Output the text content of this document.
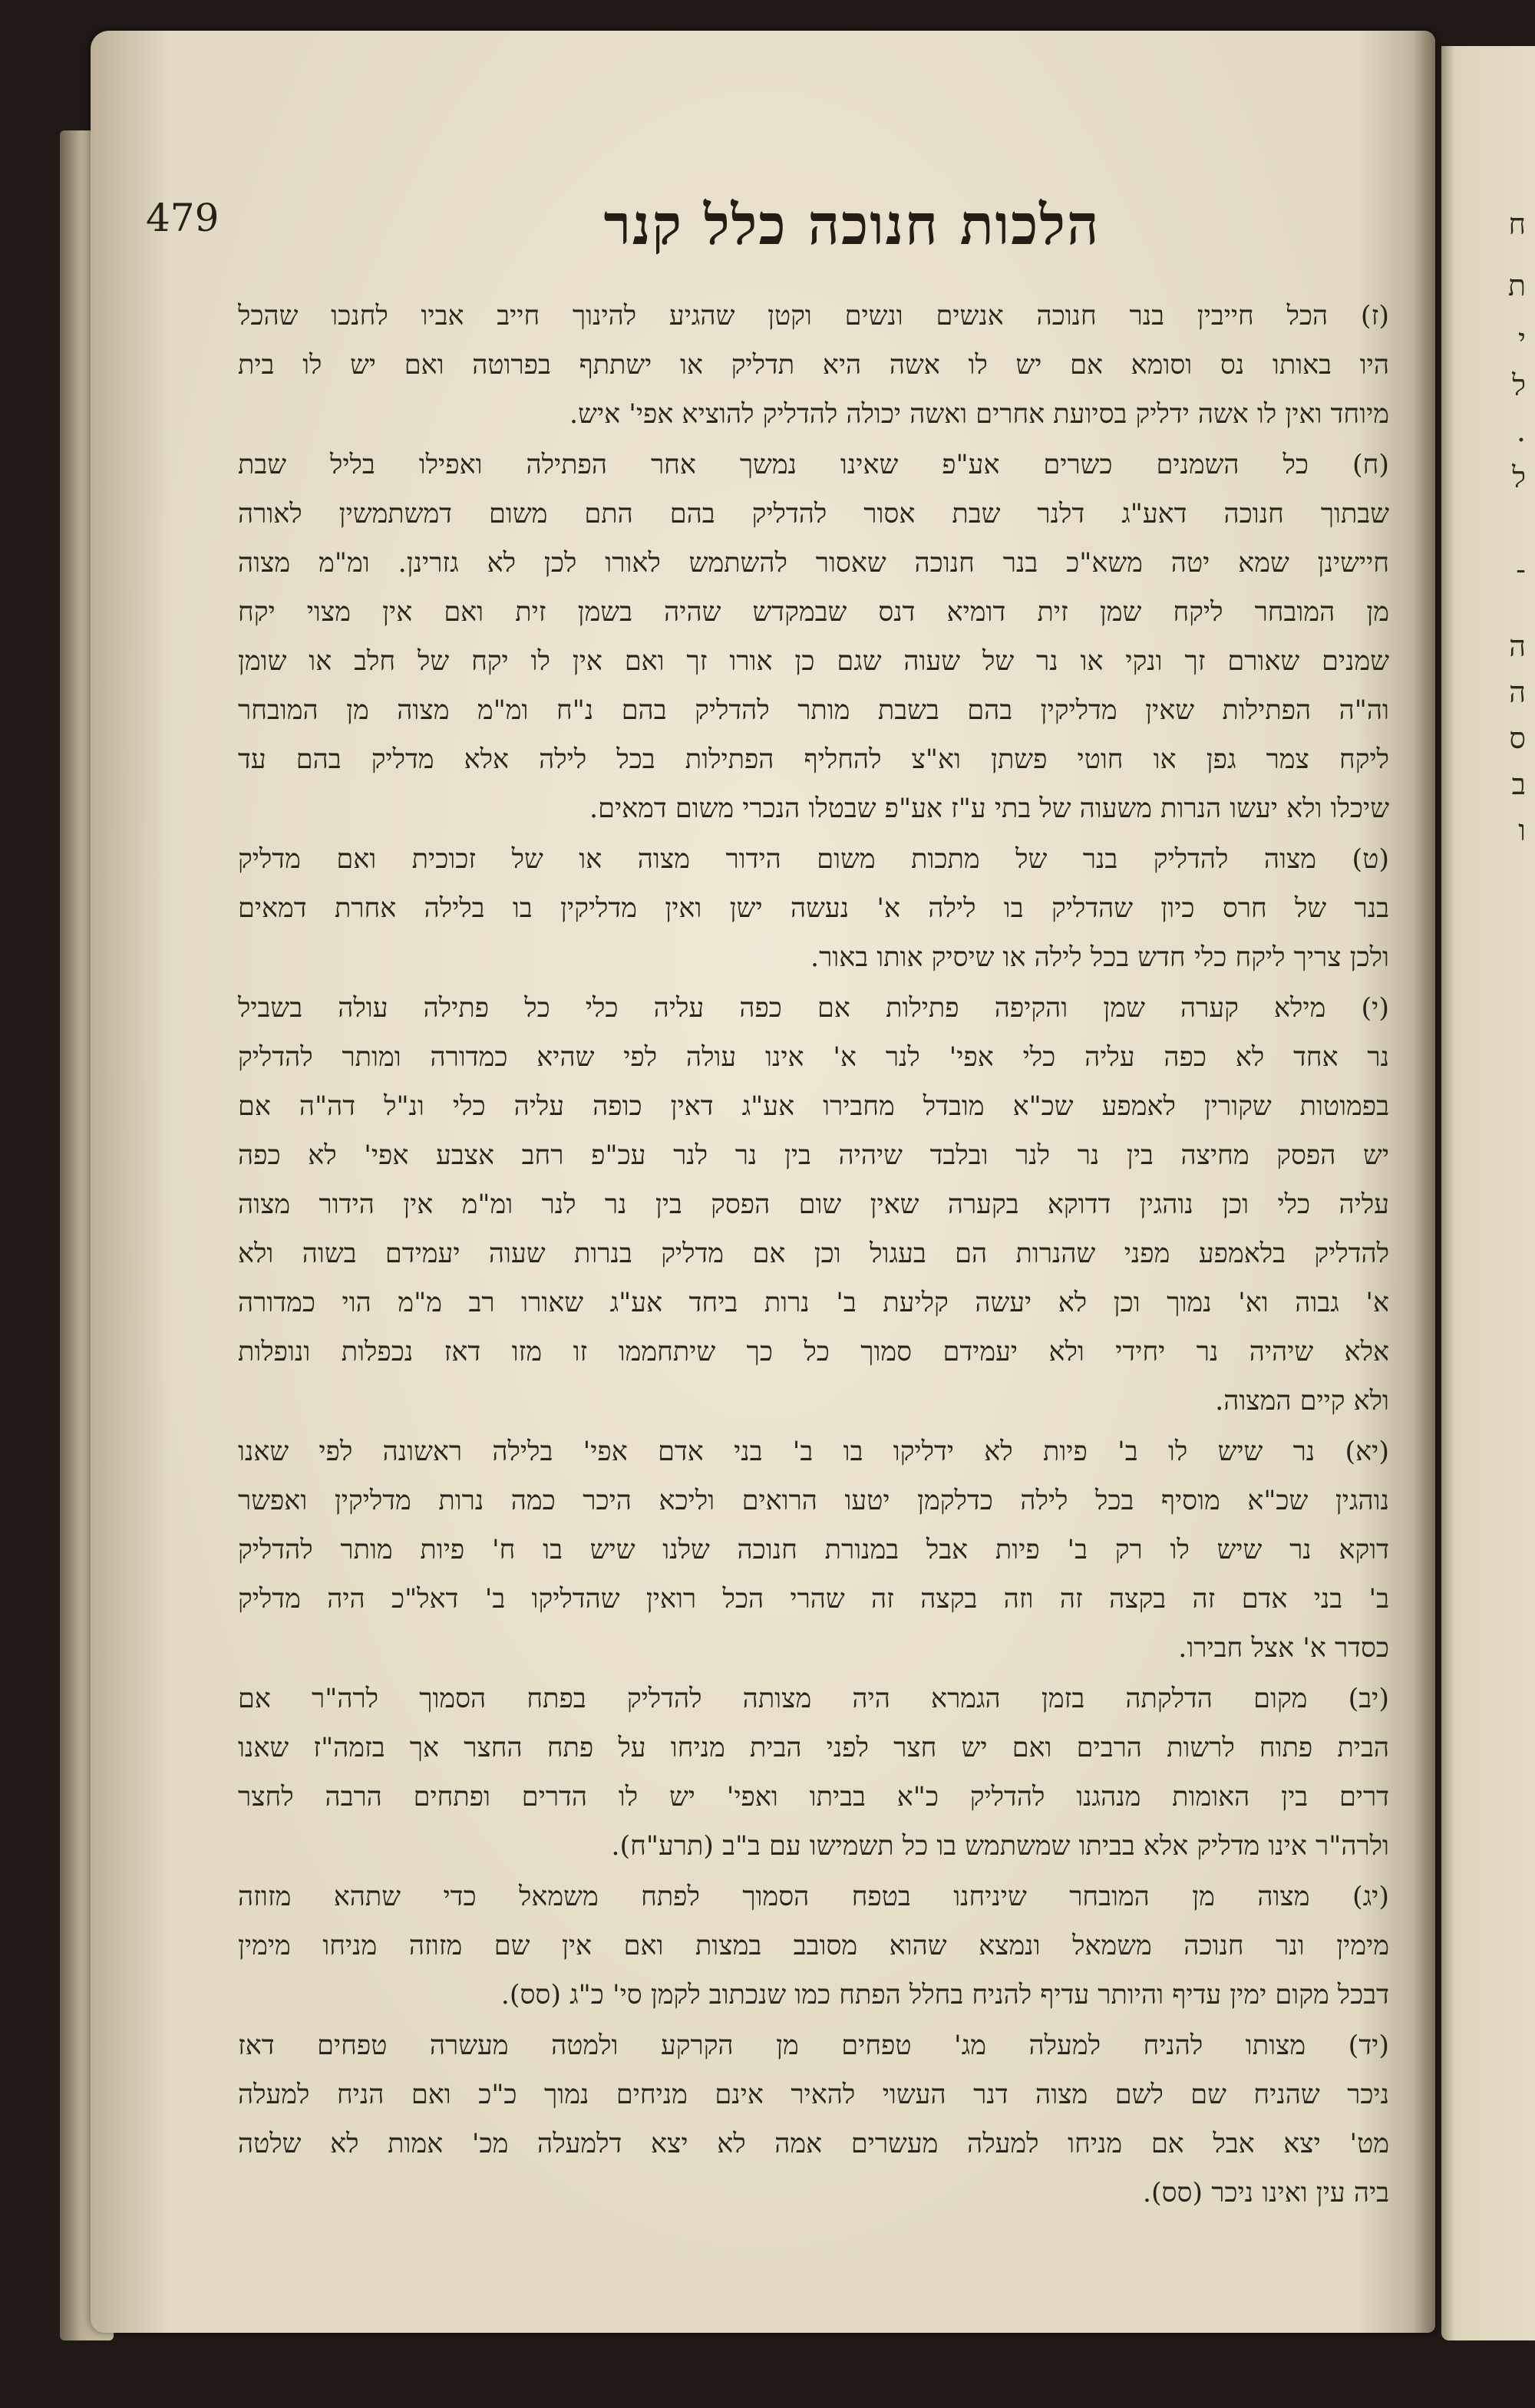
ח
ת
י
ל
.
ל
-
ה
ה
ס
ב
ו
479	הלכות חנוכה כלל קנר
(ז) הכל חייבין בנר חנוכה אנשים ונשים וקטן שהגיע להינוך חייב אביו לחנכו שהכל
היו באותו נס וסומא אם יש לו אשה היא תדליק או ישתתף בפרוטה ואם יש לו בית
מיוחד ואין לו אשה ידליק בסיועת אחרים ואשה יכולה להדליק להוציא אפי' איש.
(ח) כל השמנים כשרים אע"פ שאינו נמשך אחר הפתילה ואפילו בליל שבת
שבתוך חנוכה דאע"ג דלנר שבת אסור להדליק בהם התם משום דמשתמשין לאורה
חיישינן שמא יטה משא"כ בנר חנוכה שאסור להשתמש לאורו לכן לא גזרינן. ומ"מ מצוה
מן המובחר ליקח שמן זית דומיא דנס שבמקדש שהיה בשמן זית ואם אין מצוי יקח
שמנים שאורם זך ונקי או נר של שעוה שגם כן אורו זך ואם אין לו יקח של חלב או שומן
וה"ה הפתילות שאין מדליקין בהם בשבת מותר להדליק בהם נ"ח ומ"מ מצוה מן המובחר
ליקח צמר גפן או חוטי פשתן וא"צ להחליף הפתילות בכל לילה אלא מדליק בהם עד
שיכלו ולא יעשו הנרות משעוה של בתי ע"ז אע"פ שבטלו הנכרי משום דמאים.
(ט) מצוה להדליק בנר של מתכות משום הידור מצוה או של זכוכית ואם מדליק
בנר של חרס כיון שהדליק בו לילה א' נעשה ישן ואין מדליקין בו בלילה אחרת דמאים
ולכן צריך ליקח כלי חדש בכל לילה או שיסיק אותו באור.
(י) מילא קערה שמן והקיפה פתילות אם כפה עליה כלי כל פתילה עולה בשביל
נר אחד לא כפה עליה כלי אפי' לנר א' אינו עולה לפי שהיא כמדורה ומותר להדליק
בפמוטות שקורין לאמפע שכ"א מובדל מחבירו אע"ג דאין כופה עליה כלי ונ"ל דה"ה אם
יש הפסק מחיצה בין נר לנר ובלבד שיהיה בין נר לנר עכ"פ רחב אצבע אפי' לא כפה
עליה כלי וכן נוהגין דדוקא בקערה שאין שום הפסק בין נר לנר ומ"מ אין הידור מצוה
להדליק בלאמפע מפני שהנרות הם בעגול וכן אם מדליק בנרות שעוה יעמידם בשוה ולא
א' גבוה וא' נמוך וכן לא יעשה קליעת ב' נרות ביחד אע"ג שאורו רב מ"מ הוי כמדורה
אלא שיהיה נר יחידי ולא יעמידם סמוך כל כך שיתחממו זו מזו דאז נכפלות ונופלות
ולא קיים המצוה.
(יא) נר שיש לו ב' פיות לא ידליקו בו ב' בני אדם אפי' בלילה ראשונה לפי שאנו
נוהגין שכ"א מוסיף בכל לילה כדלקמן יטעו הרואים וליכא היכר כמה נרות מדליקין ואפשר
דוקא נר שיש לו רק ב' פיות אבל במנורת חנוכה שלנו שיש בו ח' פיות מותר להדליק
ב' בני אדם זה בקצה זה וזה בקצה זה שהרי הכל רואין שהדליקו ב' דאל"כ היה מדליק
כסדר א' אצל חבירו.
(יב) מקום הדלקתה בזמן הגמרא היה מצותה להדליק בפתח הסמוך לרה"ר אם
הבית פתוח לרשות הרבים ואם יש חצר לפני הבית מניחו על פתח החצר אך בזמה"ז שאנו
דרים בין האומות מנהגנו להדליק כ"א בביתו ואפי' יש לו הדרים ופתחים הרבה לחצר
ולרה"ר אינו מדליק אלא בביתו שמשתמש בו כל תשמישו עם ב"ב (תרע"ח).
(יג) מצוה מן המובחר שיניחנו בטפח הסמוך לפתח משמאל כדי שתהא מזוזה
מימין ונר חנוכה משמאל ונמצא שהוא מסובב במצות ואם אין שם מזוזה מניחו מימין
דבכל מקום ימין עדיף והיותר עדיף להניח בחלל הפתח כמו שנכתוב לקמן סי' כ"ג (סס).
(יד) מצותו להניח למעלה מג' טפחים מן הקרקע ולמטה מעשרה טפחים דאז
ניכר שהניח שם לשם מצוה דנר העשוי להאיר אינם מניחים נמוך כ"כ ואם הניח למעלה
מט' יצא אבל אם מניחו למעלה מעשרים אמה לא יצא דלמעלה מכ' אמות לא שלטה
ביה עין ואינו ניכר (סס).
